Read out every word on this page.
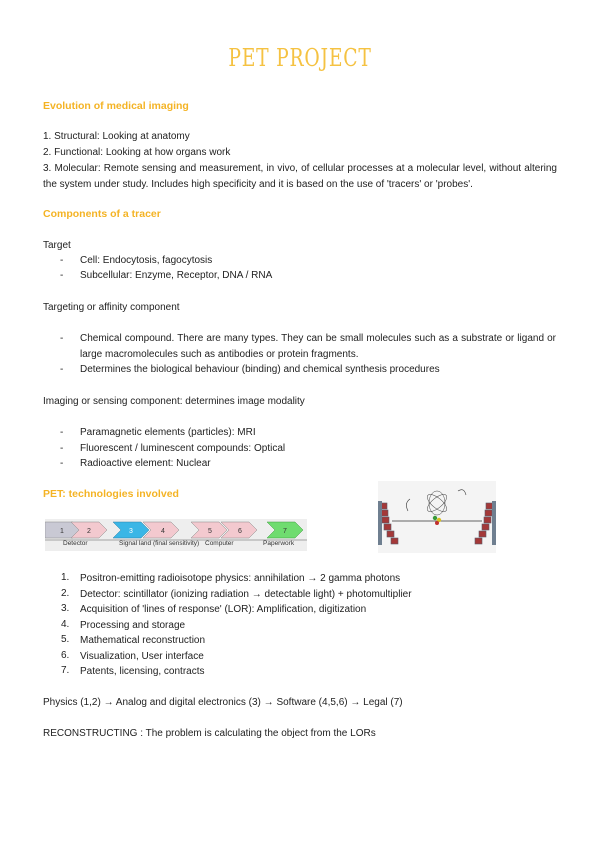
PET PROJECT
Evolution of medical imaging
1. Structural: Looking at anatomy
2. Functional: Looking at how organs work
3. Molecular: Remote sensing and measurement, in vivo, of cellular processes at a molecular level, without altering the system under study. Includes high specificity and it is based on the use of 'tracers' or 'probes'.
Components of a tracer
Target
- Cell: Endocytosis, fagocytosis
- Subcellular: Enzyme, Receptor, DNA / RNA
Targeting or affinity component
- Chemical compound. There are many types. They can be small molecules such as a substrate or ligand or large macromolecules such as antibodies or protein fragments.
- Determines the biological behaviour (binding) and chemical synthesis procedures
Imaging or sensing component: determines image modality
- Paramagnetic elements (particles): MRI
- Fluorescent / luminescent compounds: Optical
- Radioactive element: Nuclear
PET: technologies involved
1	2	3	4	5	6	7
Detector	Signal land (final sensitivity) Computer	Paperwork
1. Positron-emitting radioisotope physics: annihilation → 2 gamma photons
2. Detector: scintillator (ionizing radiation → detectable light) + photomultiplier
3. Acquisition of 'lines of response' (LOR): Amplification, digitization
4. Processing and storage
5. Mathematical reconstruction
6. Visualization, User interface
7. Patents, licensing, contracts
Physics (1,2) → Analog and digital electronics (3) → Software (4,5,6) → Legal (7)
RECONSTRUCTING : The problem is calculating the object from the LORs
